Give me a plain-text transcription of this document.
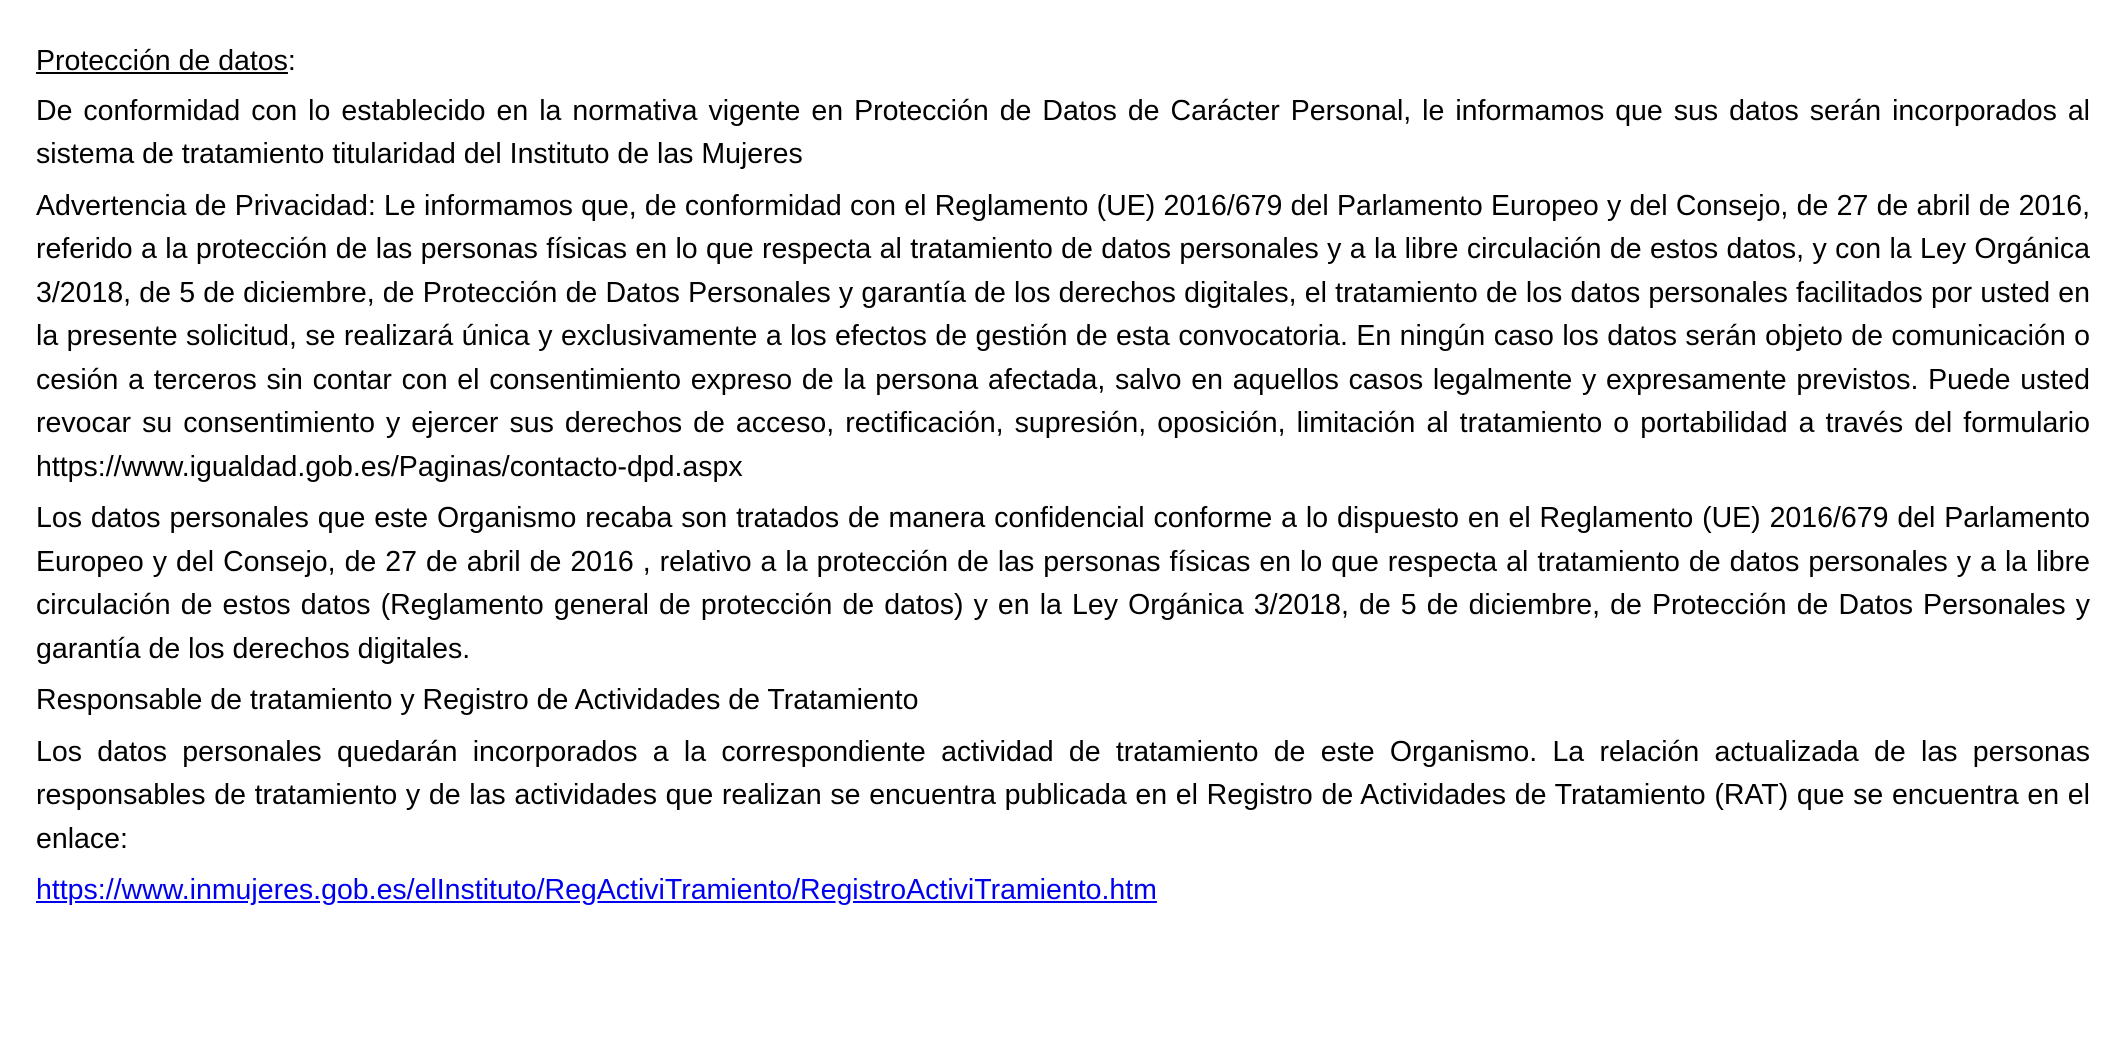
Protección de datos:

De conformidad con lo establecido en la normativa vigente en Protección de Datos de Carácter Personal, le informamos que sus datos serán incorporados al sistema de tratamiento titularidad del Instituto de las Mujeres

Advertencia de Privacidad: Le informamos que, de conformidad con el Reglamento (UE) 2016/679 del Parlamento Europeo y del Consejo, de 27 de abril de 2016, referido a la protección de las personas físicas en lo que respecta al tratamiento de datos personales y a la libre circulación de estos datos, y con la Ley Orgánica 3/2018, de 5 de diciembre, de Protección de Datos Personales y garantía de los derechos digitales, el tratamiento de los datos personales facilitados por usted en la presente solicitud, se realizará única y exclusivamente a los efectos de gestión de esta convocatoria. En ningún caso los datos serán objeto de comunicación o cesión a terceros sin contar con el consentimiento expreso de la persona afectada, salvo en aquellos casos legalmente y expresamente previstos. Puede usted revocar su consentimiento y ejercer sus derechos de acceso, rectificación, supresión, oposición, limitación al tratamiento o portabilidad a través del formulario https://www.igualdad.gob.es/Paginas/contacto-dpd.aspx

Los datos personales que este Organismo recaba son tratados de manera confidencial conforme a lo dispuesto en el Reglamento (UE) 2016/679 del Parlamento Europeo y del Consejo, de 27 de abril de 2016 , relativo a la protección de las personas físicas en lo que respecta al tratamiento de datos personales y a la libre circulación de estos datos (Reglamento general de protección de datos) y en la Ley Orgánica 3/2018, de 5 de diciembre, de Protección de Datos Personales y garantía de los derechos digitales.

Responsable de tratamiento y Registro de Actividades de Tratamiento

Los datos personales quedarán incorporados a la correspondiente actividad de tratamiento de este Organismo. La relación actualizada de las personas responsables de tratamiento y de las actividades que realizan se encuentra publicada en el Registro de Actividades de Tratamiento (RAT) que se encuentra en el enlace:

https://www.inmujeres.gob.es/elInstituto/RegActiviTramiento/RegistroActiviTramiento.htm
